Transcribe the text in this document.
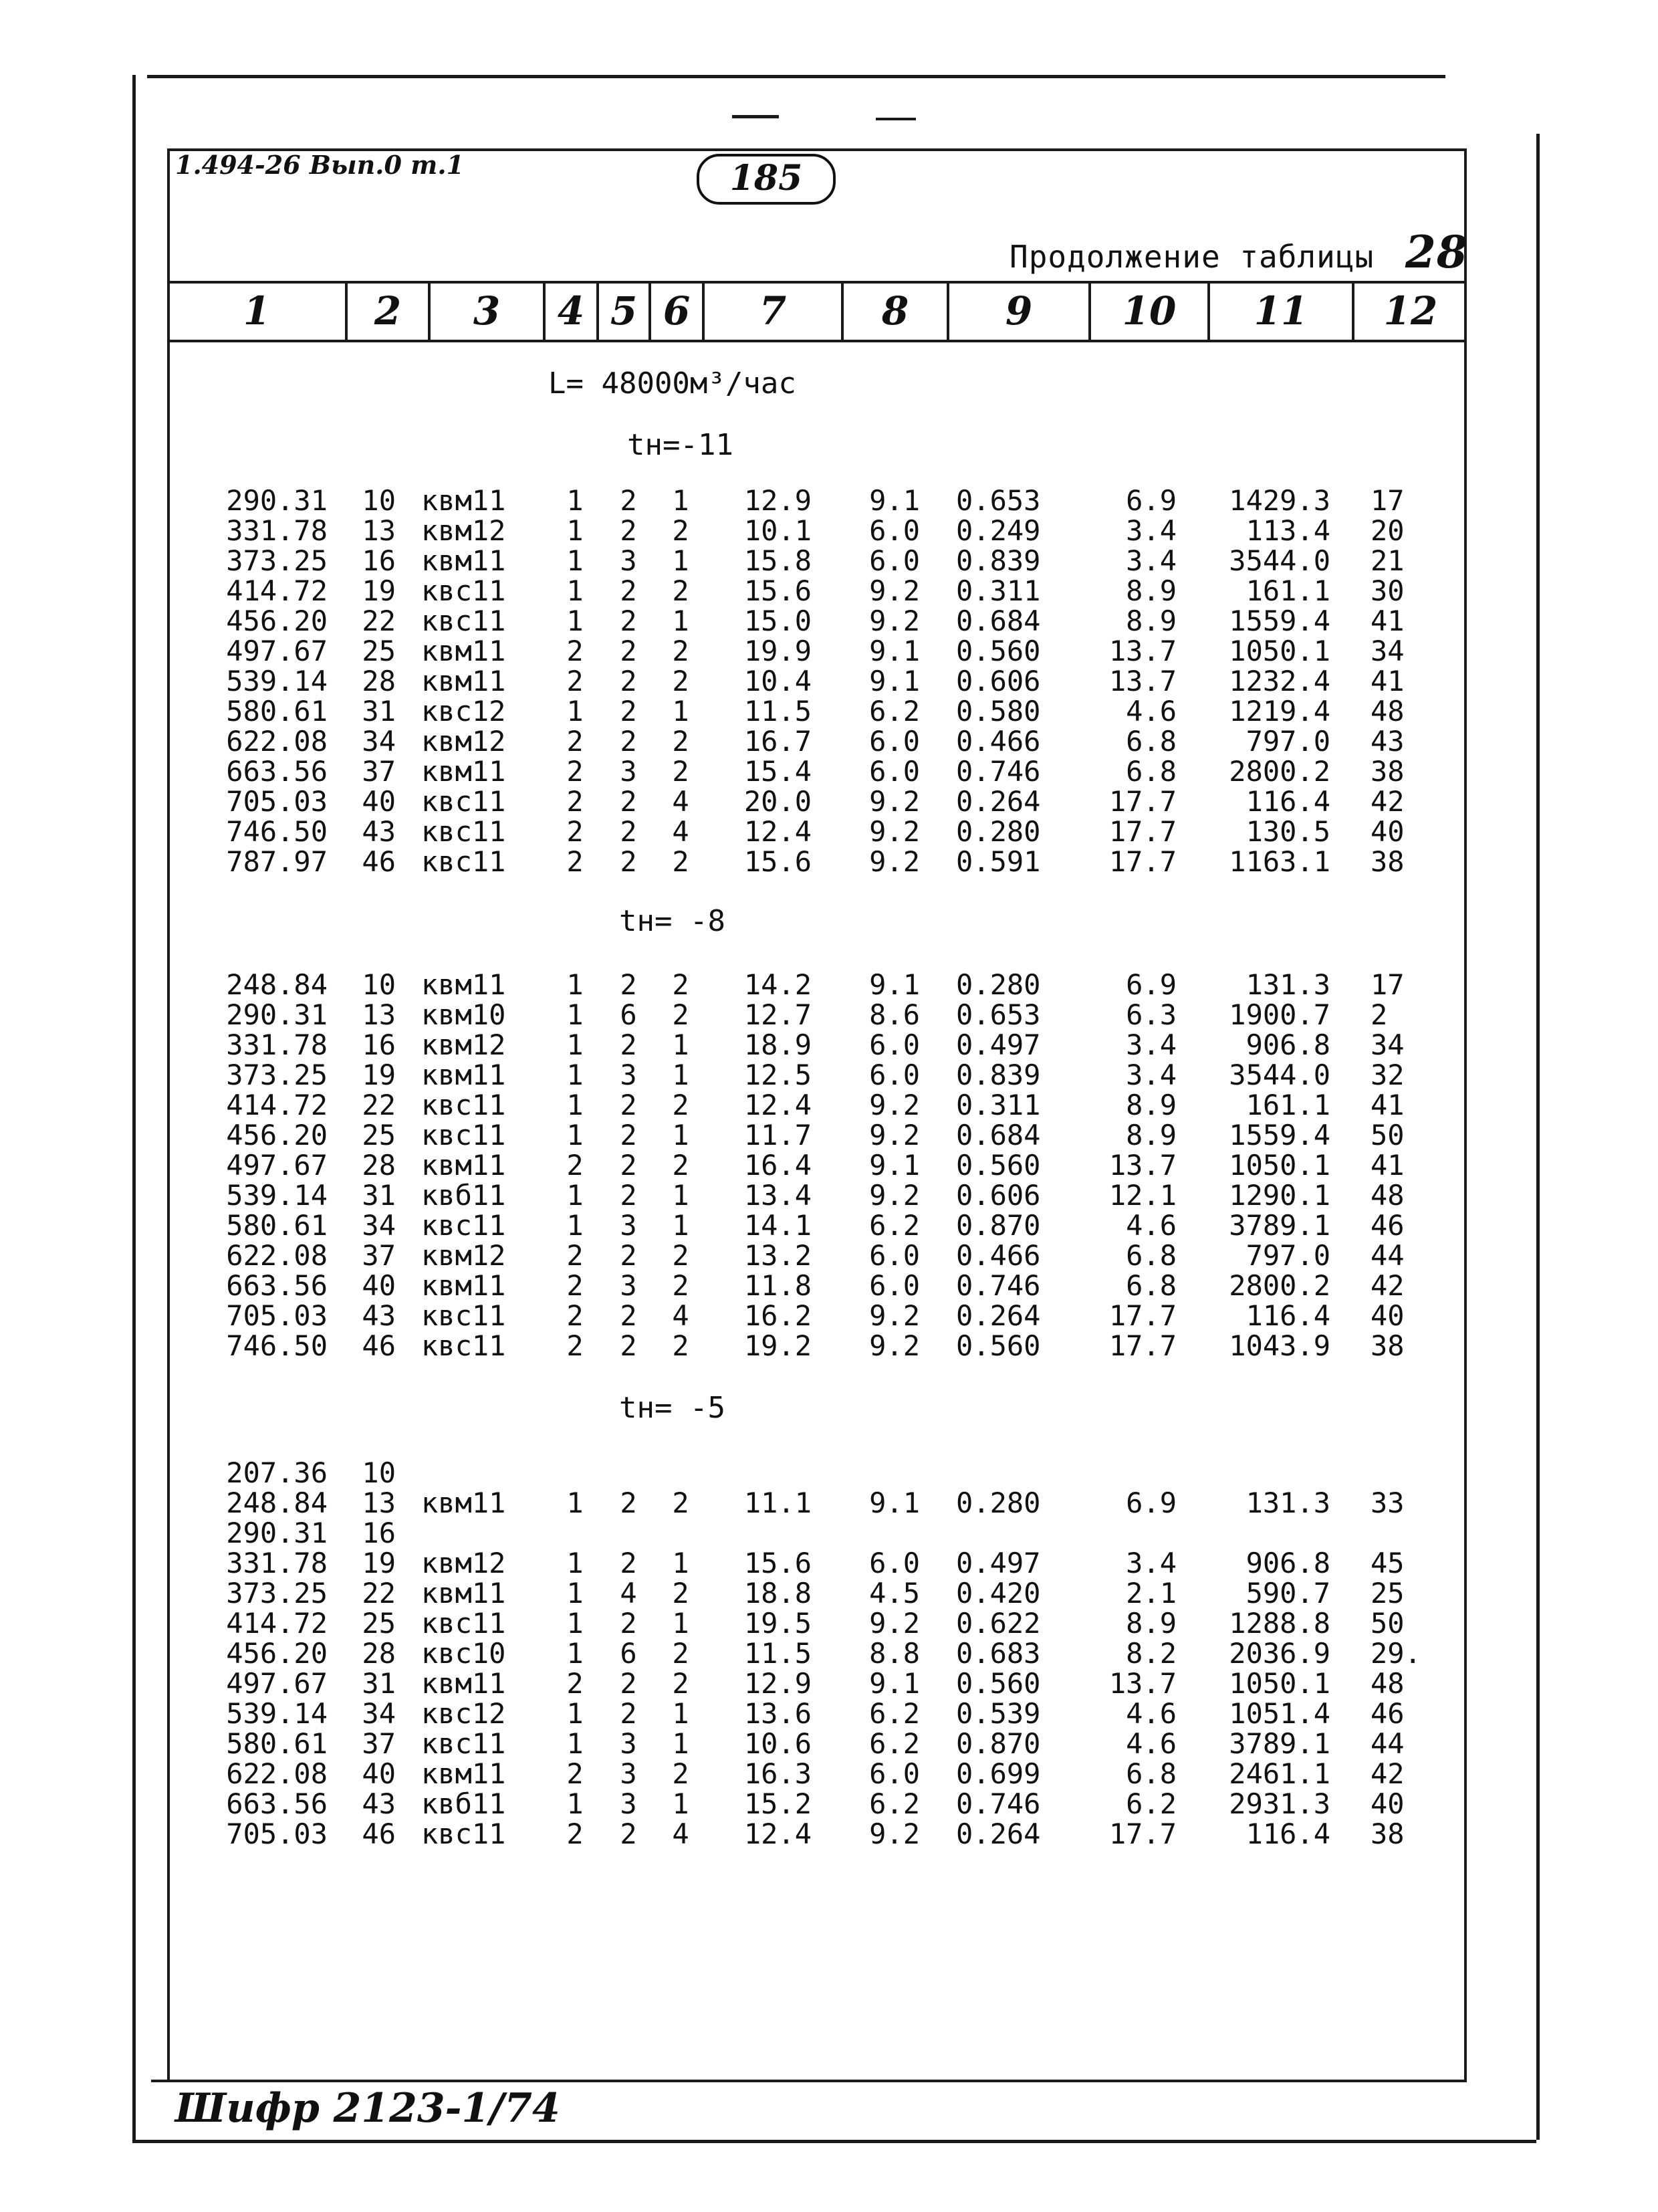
1.494-26 Вып.0 т.1	185
Продолжение таблицы 28
1	2	3	4 5 6	7	8	9	10	11	12
L= 48000м³/час
tн=-11
tн= -8
tн= -5
290.31	10 квм11	1 2 1	12.9 9.1 0.653	6.9	1429.3 17
331.78	13 квм12	1 2 2	10.1 6.0 0.249	3.4	113.4 20
373.25	16 квм11	1 3 1	15.8 6.0 0.839	3.4	3544.0 21
414.72	19 квс11	1 2 2	15.6 9.2 0.311	8.9	161.1 30
456.20	22 квс11	1 2 1	15.0 9.2 0.684	8.9	1559.4 41
497.67	25 квм11	2 2 2	19.9 9.1 0.560	13.7	1050.1 34
539.14	28 квм11	2 2 2	10.4 9.1 0.606	13.7	1232.4 41
580.61	31 квс12	1 2 1	11.5 6.2 0.580	4.6	1219.4 48
622.08	34 квм12	2 2 2	16.7 6.0 0.466	6.8	797.0 43
663.56	37 квм11	2 3 2	15.4 6.0 0.746	6.8	2800.2 38
705.03	40 квс11	2 2 4	20.0 9.2 0.264	17.7	116.4 42
746.50	43 квс11	2 2 4	12.4 9.2 0.280	17.7	130.5 40
787.97	46 квс11	2 2 2	15.6 9.2 0.591	17.7	1163.1 38
248.84	10 квм11	1 2 2	14.2 9.1 0.280	6.9	131.3 17
290.31	13 квм10	1 6 2	12.7 8.6 0.653	6.3	1900.7 2
331.78	16 квм12	1 2 1	18.9 6.0 0.497	3.4	906.8 34
373.25	19 квм11	1 3 1	12.5 6.0 0.839	3.4	3544.0 32
414.72	22 квс11	1 2 2	12.4 9.2 0.311	8.9	161.1 41
456.20	25 квс11	1 2 1	11.7 9.2 0.684	8.9	1559.4 50
497.67	28 квм11	2 2 2	16.4 9.1 0.560	13.7	1050.1 41
539.14	31 квб11	1 2 1	13.4 9.2 0.606	12.1	1290.1 48
580.61	34 квс11	1 3 1	14.1 6.2 0.870	4.6	3789.1 46
622.08	37 квм12	2 2 2	13.2 6.0 0.466	6.8	797.0 44
663.56	40 квм11	2 3 2	11.8 6.0 0.746	6.8	2800.2 42
705.03	43 квс11	2 2 4	16.2 9.2 0.264	17.7	116.4 40
746.50	46 квс11	2 2 2	19.2 9.2 0.560	17.7	1043.9 38
207.36	10
248.84	13 квм11	1 2 2	11.1 9.1 0.280	6.9	131.3 33
290.31	16
331.78	19 квм12	1 2 1	15.6 6.0 0.497	3.4	906.8 45
373.25	22 квм11	1 4 2	18.8 4.5 0.420	2.1	590.7 25
414.72	25 квс11	1 2 1	19.5 9.2 0.622	8.9	1288.8 50
456.20	28 квс10	1 6 2	11.5 8.8 0.683	8.2	2036.9 29.
497.67	31 квм11	2 2 2	12.9 9.1 0.560	13.7	1050.1 48
539.14	34 квс12	1 2 1	13.6 6.2 0.539	4.6	1051.4 46
580.61	37 квс11	1 3 1	10.6 6.2 0.870	4.6	3789.1 44
622.08	40 квм11	2 3 2	16.3 6.0 0.699	6.8	2461.1 42
663.56	43 квб11	1 3 1	15.2 6.2 0.746	6.2	2931.3 40
705.03	46 квс11	2 2 4	12.4 9.2 0.264	17.7	116.4 38
Шифр 2123-1/74
